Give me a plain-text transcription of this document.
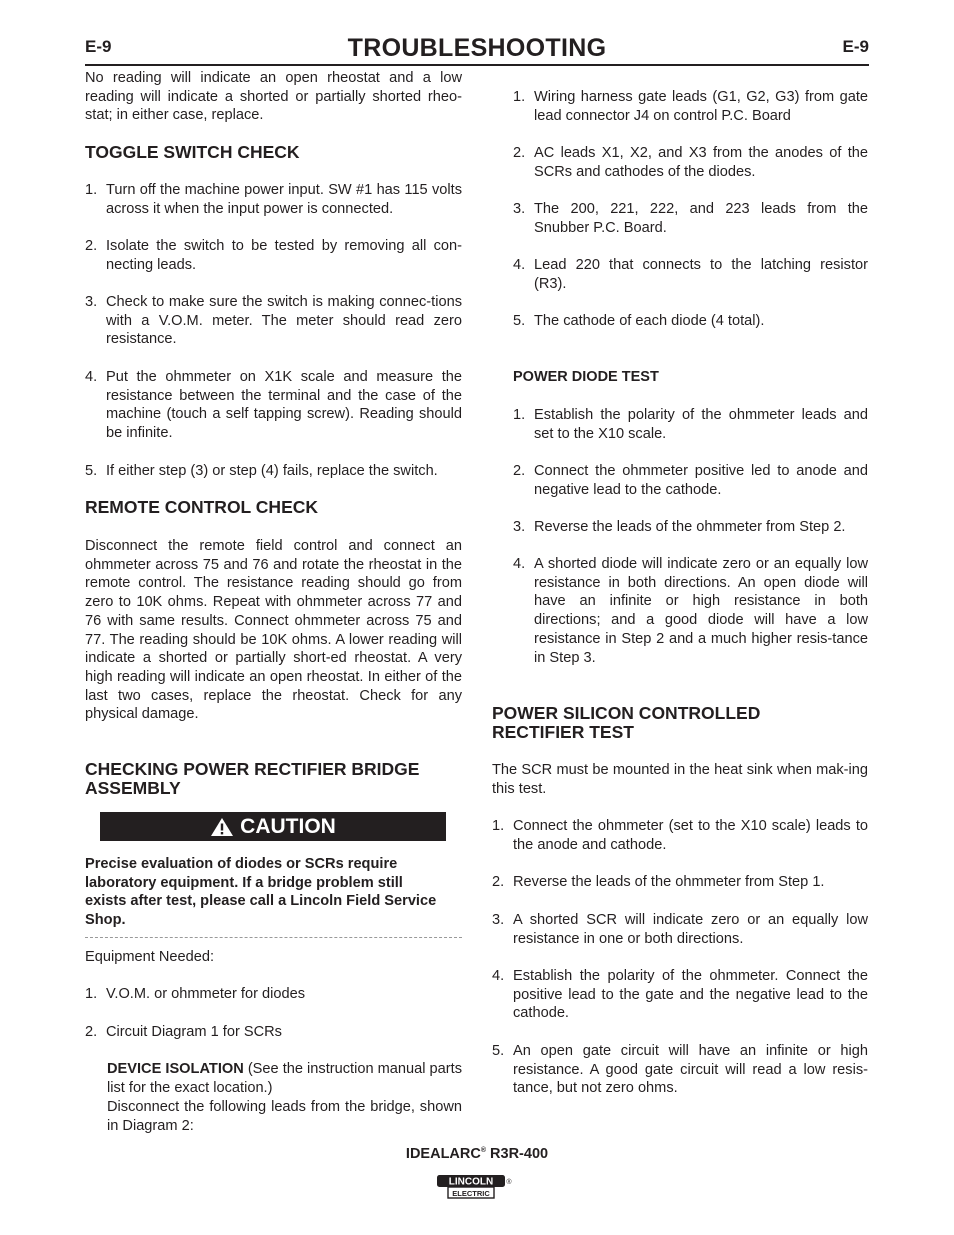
E-9	TROUBLESHOOTING	E-9
No reading will indicate an open rheostat and a low reading will indicate a shorted or partially shorted rheo-stat; in either case, replace.
TOGGLE SWITCH CHECK
1. Turn off the machine power input. SW #1 has 115 volts across it when the input power is connected.
2. Isolate the switch to be tested by removing all con-necting leads.
3. Check to make sure the switch is making connec-tions with a V.O.M. meter. The meter should read zero resistance.
4. Put the ohmmeter on X1K scale and measure the resistance between the terminal and the case of the machine (touch a self tapping screw). Reading should be infinite.
5. If either step (3) or step (4) fails, replace the switch.
REMOTE CONTROL CHECK
Disconnect the remote field control and connect an ohmmeter across 75 and 76 and rotate the rheostat in the remote control. The resistance reading should go from zero to 10K ohms. Repeat with ohmmeter across 77 and 76 with same results. Connect ohmmeter across 75 and 77. The reading should be 10K ohms. A lower reading will indicate a shorted or partially short-ed rheostat. A very high reading will indicate an open rheostat. In either of the last two cases, replace the rheostat. Check for any physical damage.
CHECKING POWER RECTIFIER BRIDGE
ASSEMBLY
CAUTION
Precise evaluation of diodes or SCRs require laboratory equipment. If a bridge problem still exists after test, please call a Lincoln Field Service Shop.
Equipment Needed:
1. V.O.M. or ohmmeter for diodes
2. Circuit Diagram 1 for SCRs
DEVICE ISOLATION (See the instruction manual parts list for the exact location.)
Disconnect the following leads from the bridge, shown in Diagram 2:
1. Wiring harness gate leads (G1, G2, G3) from gate lead connector J4 on control P.C. Board
2. AC leads X1, X2, and X3 from the anodes of the SCRs and cathodes of the diodes.
3. The 200, 221, 222, and 223 leads from the Snubber P.C. Board.
4. Lead 220 that connects to the latching resistor (R3).
5. The cathode of each diode (4 total).
POWER DIODE TEST
1. Establish the polarity of the ohmmeter leads and set to the X10 scale.
2. Connect the ohmmeter positive led to anode and negative lead to the cathode.
3. Reverse the leads of the ohmmeter from Step 2.
4. A shorted diode will indicate zero or an equally low resistance in both directions. An open diode will have an infinite or high resistance in both directions; and a good diode will have a low resistance in Step 2 and a much higher resis-tance in Step 3.
POWER SILICON CONTROLLED
RECTIFIER TEST
The SCR must be mounted in the heat sink when mak-ing this test.
1. Connect the ohmmeter (set to the X10 scale) leads to the anode and cathode.
2. Reverse the leads of the ohmmeter from Step 1.
3. A shorted SCR will indicate zero or an equally low resistance in one or both directions.
4. Establish the polarity of the ohmmeter. Connect the positive lead to the gate and the negative lead to the cathode.
5. An open gate circuit will have an infinite or high resistance. A good gate circuit will read a low resis-tance, but not zero ohms.
IDEALARC® R3R-400
LINCOLN
ELECTRIC
®
